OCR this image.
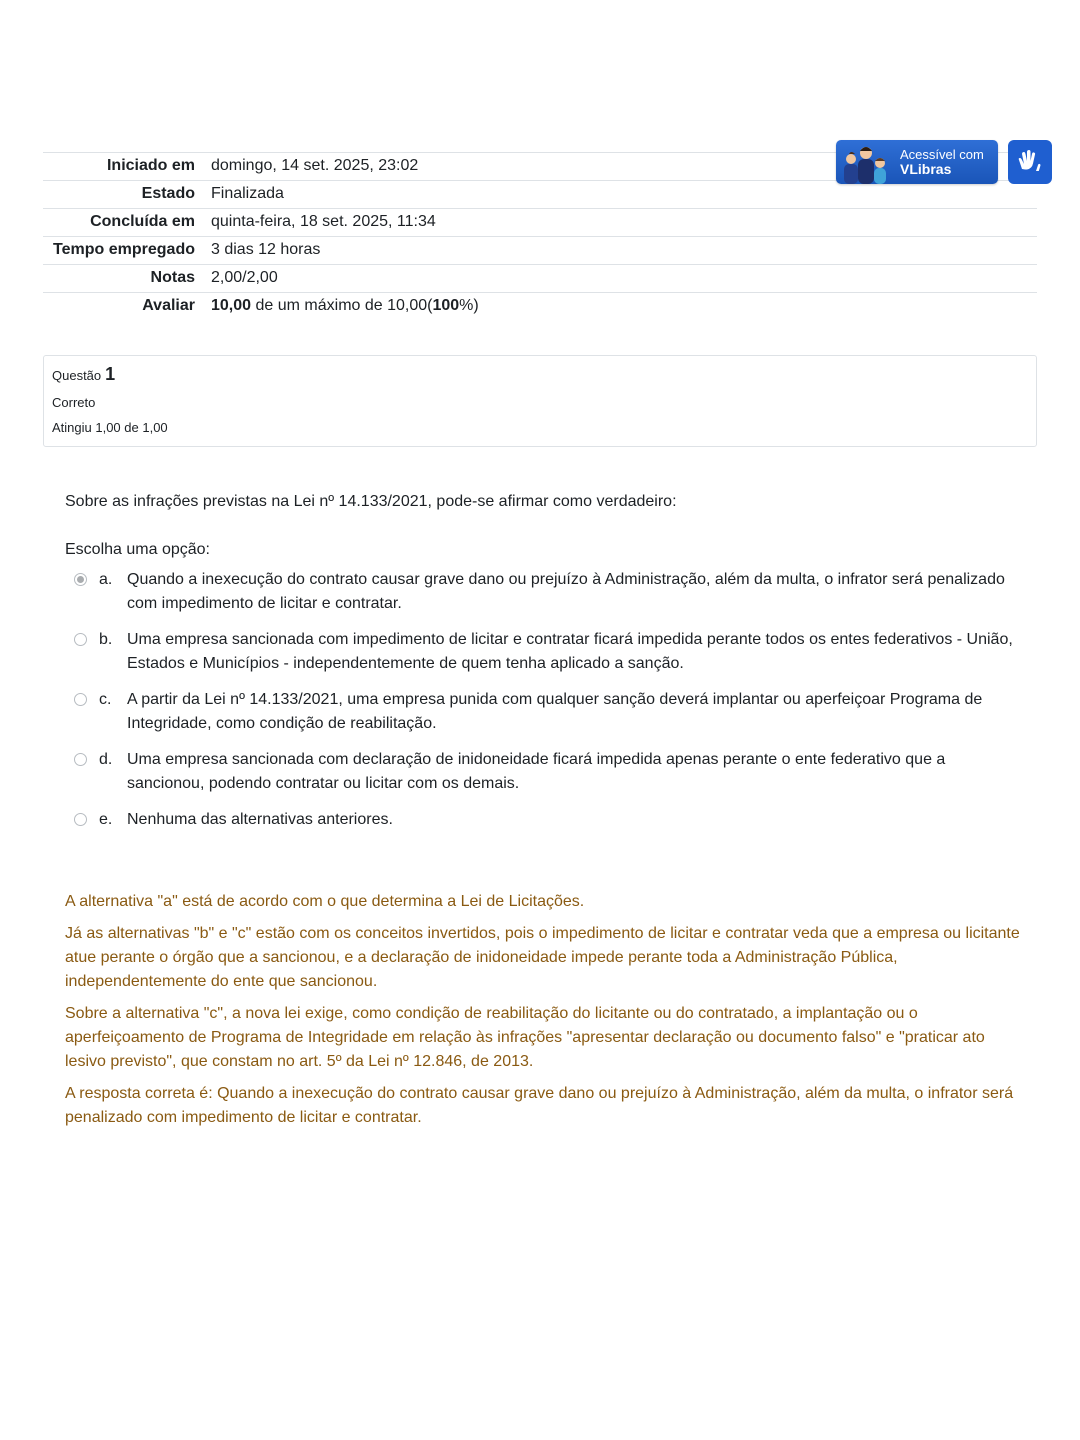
Iniciado em	domingo, 14 set. 2025, 23:02
Estado	Finalizada
Concluída em	quinta-feira, 18 set. 2025, 11:34
Tempo empregado	3 dias 12 horas
Notas	2,00/2,00
Avaliar	10,00 de um máximo de 10,00(100%)
Acessível com
VLibras
Questão 1
Correto
Atingiu 1,00 de 1,00

Sobre as infrações previstas na Lei nº 14.133/2021, pode-se afirmar como verdadeiro:

Escolha uma opção:
a. Quando a inexecução do contrato causar grave dano ou prejuízo à Administração, além da multa, o infrator será penalizado com impedimento de licitar e contratar.
b. Uma empresa sancionada com impedimento de licitar e contratar ficará impedida perante todos os entes federativos - União, Estados e Municípios - independentemente de quem tenha aplicado a sanção.
c. A partir da Lei nº 14.133/2021, uma empresa punida com qualquer sanção deverá implantar ou aperfeiçoar Programa de Integridade, como condição de reabilitação.
d. Uma empresa sancionada com declaração de inidoneidade ficará impedida apenas perante o ente federativo que a sancionou, podendo contratar ou licitar com os demais.
e. Nenhuma das alternativas anteriores.

A alternativa "a" está de acordo com o que determina a Lei de Licitações.

Já as alternativas "b" e "c" estão com os conceitos invertidos, pois o impedimento de licitar e contratar veda que a empresa ou licitante atue perante o órgão que a sancionou, e a declaração de inidoneidade impede perante toda a Administração Pública, independentemente do ente que sancionou.

Sobre a alternativa "c", a nova lei exige, como condição de reabilitação do licitante ou do contratado, a implantação ou o aperfeiçoamento de Programa de Integridade em relação às infrações "apresentar declaração ou documento falso" e "praticar ato lesivo previsto", que constam no art. 5º da Lei nº 12.846, de 2013.

A resposta correta é: Quando a inexecução do contrato causar grave dano ou prejuízo à Administração, além da multa, o infrator será penalizado com impedimento de licitar e contratar.
